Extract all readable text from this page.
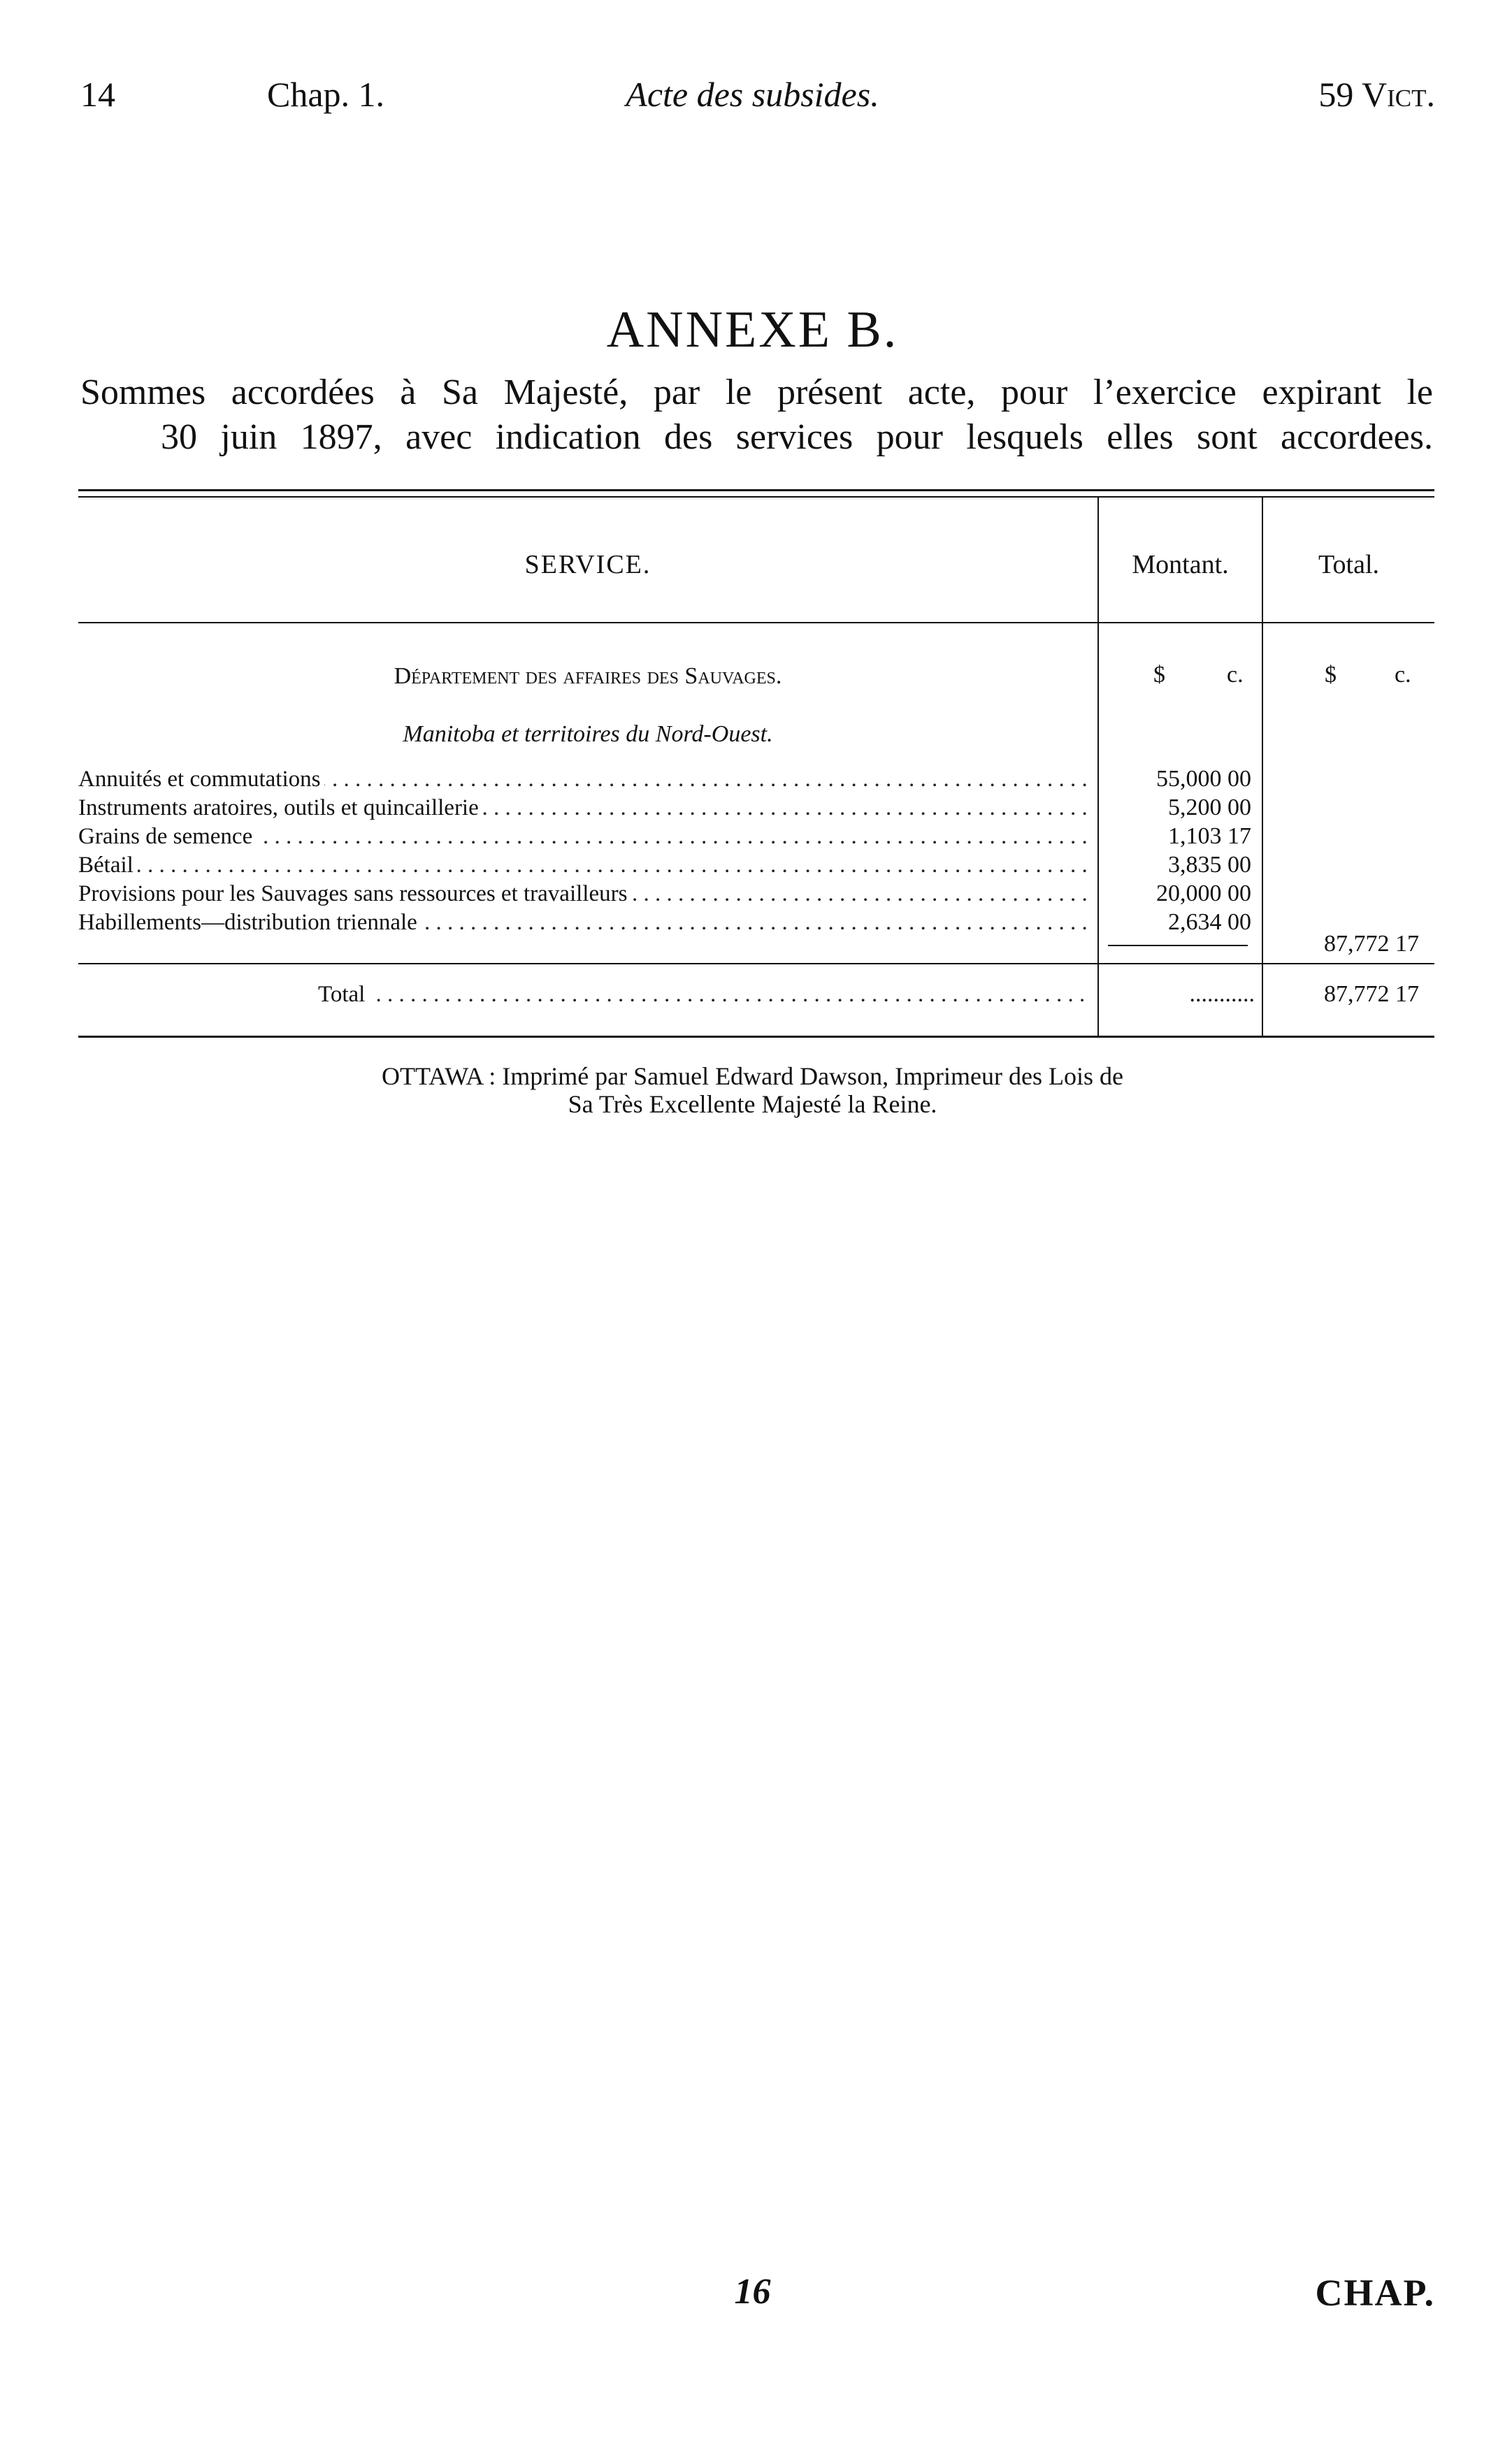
14	Chap. 1.	Acte des subsides.	59 Vict.
ANNEXE B.
Sommes accordées à Sa Majesté, par le présent acte, pour l’exercice expirant le
30 juin 1897, avec indication des services pour lesquels elles sont accordees.
SERVICE.	Montant.	Total.
Département des affaires des Sauvages.	$	c.	$	c.
Manitoba et territoires du Nord-Ouest.
Annuités et commutations . . .	55,000 00
Instruments aratoires, outils et quincaillerie . . .	5,200 00
Grains de semence . . .	1,103 17
Bétail . . .	3,835 00
Provisions pour les Sauvages sans ressources et travailleurs . . .	20,000 00
Habillements—distribution triennale . . .	2,634 00
87,772 17
Total . . .	...........	87,772 17
OTTAWA : Imprimé par Samuel Edward Dawson, Imprimeur des Lois de
Sa Très Excellente Majesté la Reine.
16	CHAP.
